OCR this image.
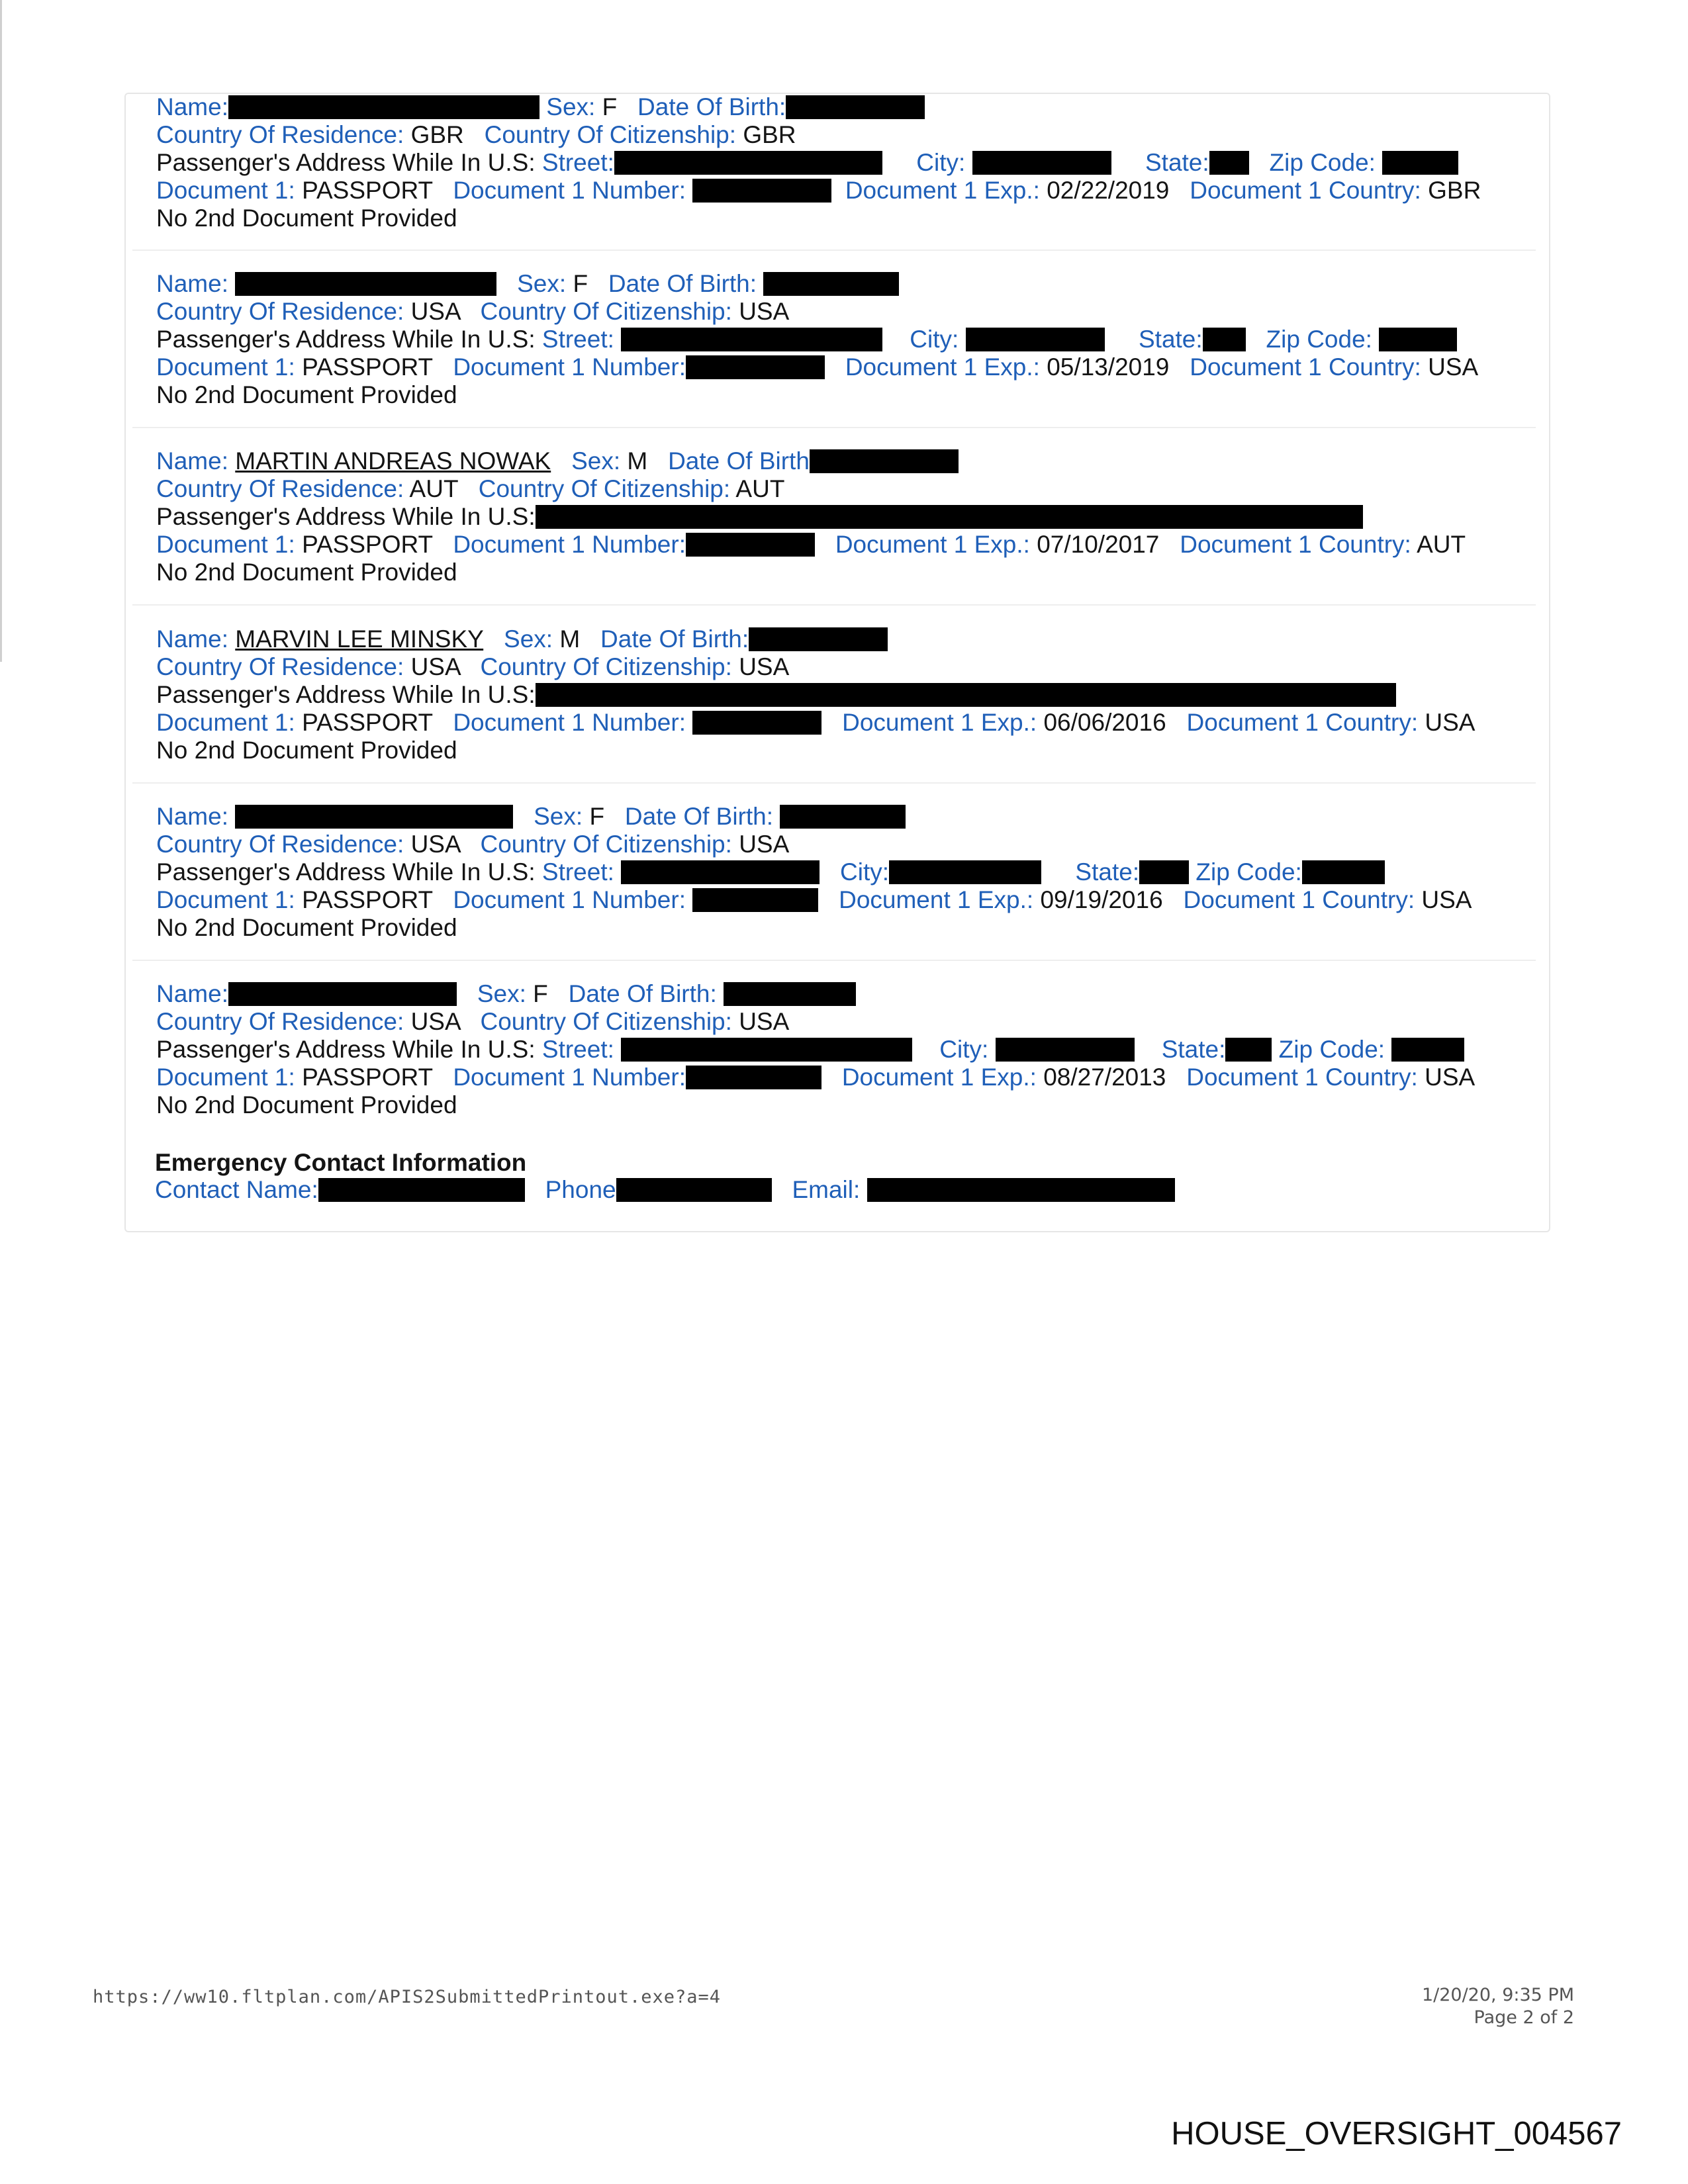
Name:	Sex: F Date Of Birth:
Country Of Residence: GBR Country Of Citizenship: GBR
Passenger's Address While In U.S: Street:	City:	State: Zip Code:
Document 1: PASSPORT Document 1 Number:	Document 1 Exp.: 02/22/2019 Document 1 Country: GBR
No 2nd Document Provided
Name:	Sex: F Date Of Birth:
Country Of Residence: USA Country Of Citizenship: USA
Passenger's Address While In U.S: Street:	City:	State:	Zip Code:
Document 1: PASSPORT Document 1 Number:	Document 1 Exp.: 05/13/2019 Document 1 Country: USA
No 2nd Document Provided
Name: MARTIN ANDREAS NOWAK Sex: M Date Of Birth
Country Of Residence: AUT Country Of Citizenship: AUT
Passenger's Address While In U.S:
Document 1: PASSPORT Document 1 Number:	Document 1 Exp.: 07/10/2017 Document 1 Country: AUT
No 2nd Document Provided
Name: MARVIN LEE MINSKY Sex: M Date Of Birth:
Country Of Residence: USA Country Of Citizenship: USA
Passenger's Address While In U.S:
Document 1: PASSPORT Document 1 Number:	Document 1 Exp.: 06/06/2016 Document 1 Country: USA
No 2nd Document Provided
Name:	Sex: F Date Of Birth:
Country Of Residence: USA Country Of Citizenship: USA
Passenger's Address While In U.S: Street:	City:	State: Zip Code:
Document 1: PASSPORT Document 1 Number:	Document 1 Exp.: 09/19/2016 Document 1 Country: USA
No 2nd Document Provided
Name:	Sex: F Date Of Birth:
Country Of Residence: USA Country Of Citizenship: USA
Passenger's Address While In U.S: Street:	City:	State: Zip Code:
Document 1: PASSPORT Document 1 Number:	Document 1 Exp.: 08/27/2013 Document 1 Country: USA
No 2nd Document Provided
Emergency Contact Information
Contact Name:	Phone	Email:
https://ww10.fltplan.com/APIS2SubmittedPrintout.exe?a=4	1/20/20, 9:35 PM
Page 2 of 2
HOUSE_OVERSIGHT_004567
